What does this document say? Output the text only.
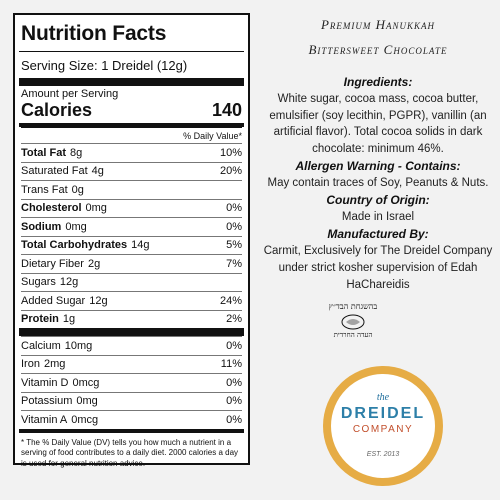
Nutrition Facts
Serving Size: 1 Dreidel (12g)
Amount per Serving
Calories	140
% Daily Value*
Total Fat 8g	10%
Saturated Fat 4g	20%
Trans Fat 0g
Cholesterol 0mg	0%
Sodium 0mg	0%
Total Carbohydrates 14g	5%
Dietary Fiber 2g	7%
Sugars 12g
Added Sugar 12g	24%
Protein 1g	2%
Calcium 10mg	0%
Iron 2mg	11%
Vitamin D 0mcg	0%
Potassium 0mg	0%
Vitamin A 0mcg	0%
* The % Daily Value (DV) tells you how much a nutrient in a serving of food contributes to a daily diet. 2000 calories a day is used for general nutrition advice.
Premium Hanukkah
Bittersweet Chocolate
Ingredients:
White sugar, cocoa mass, cocoa butter, emulsifier (soy lecithin, PGPR), vanillin (an artificial flavor). Total cocoa solids in dark chocolate: minimum 46%.
Allergen Warning - Contains:
May contain traces of Soy, Peanuts & Nuts.
Country of Origin:
Made in Israel
Manufactured By:
Carmit, Exclusively for The Dreidel Company under strict kosher supervision of Edah HaChareidis
בהשגחת הבד״ץ
העדה החרדית
the
DREIDEL
COMPANY
EST. 2013
